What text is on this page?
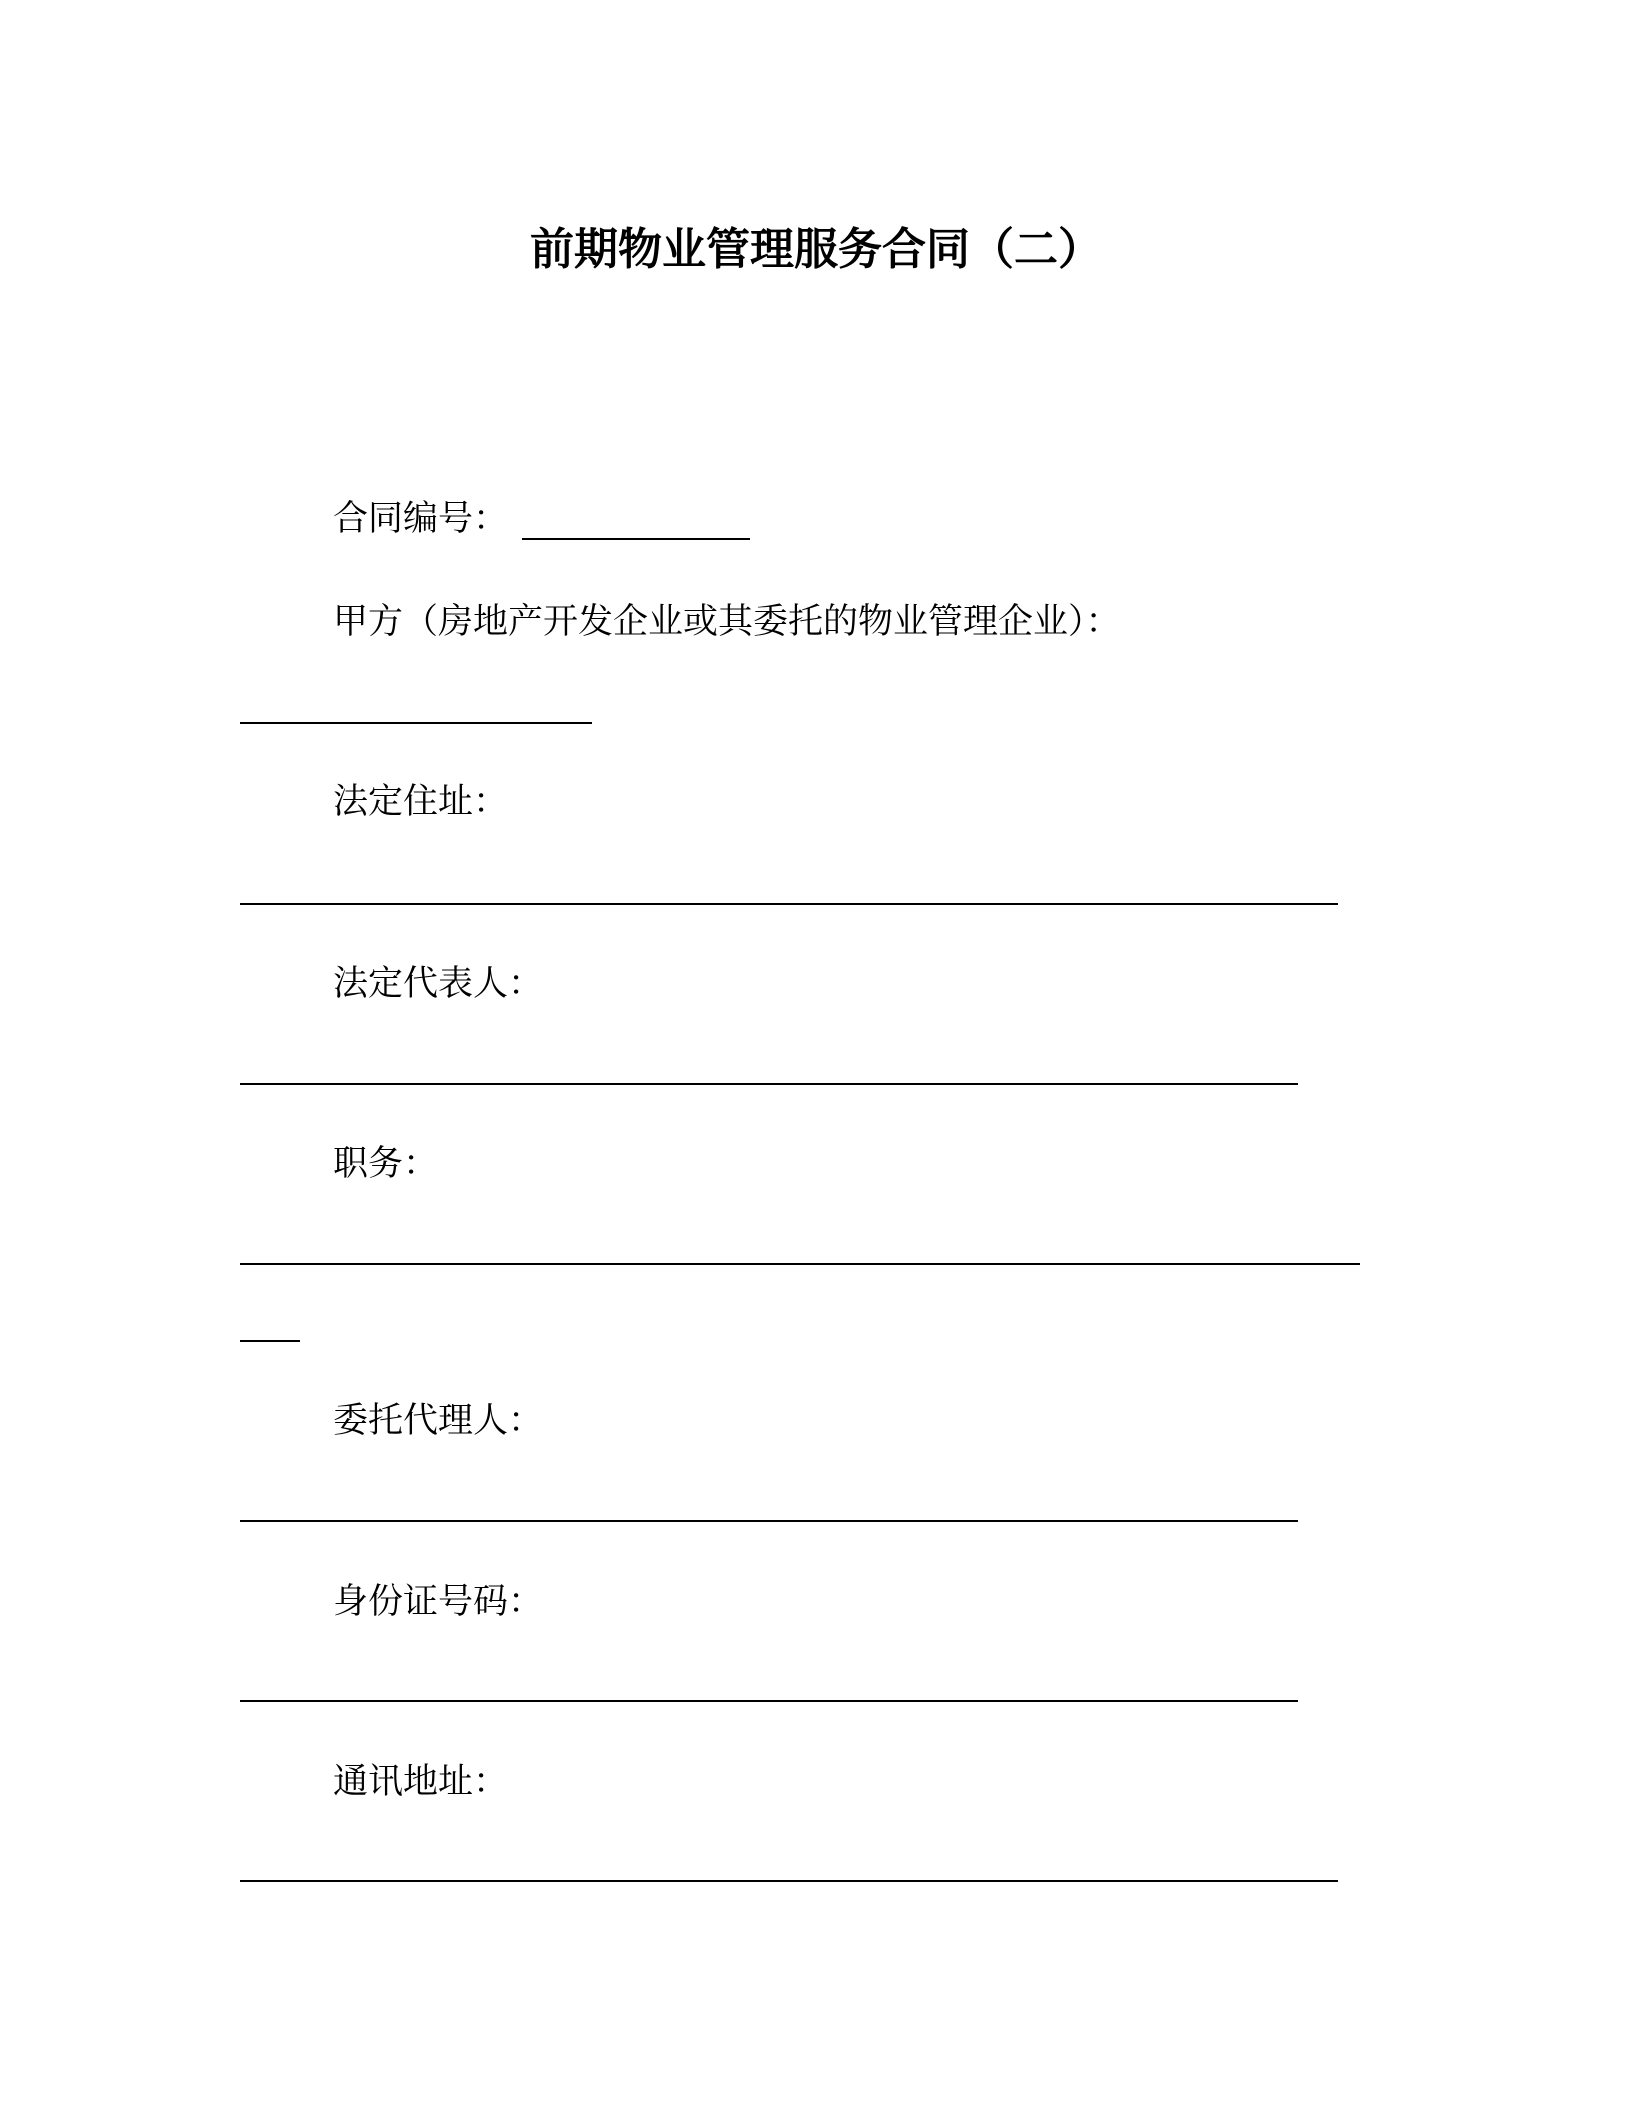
前期物业管理服务合同（二）
合同编号：
甲方（房地产开发企业或其委托的物业管理企业）：
法定住址：
法定代表人：
职务：
委托代理人：
身份证号码：
通讯地址：
